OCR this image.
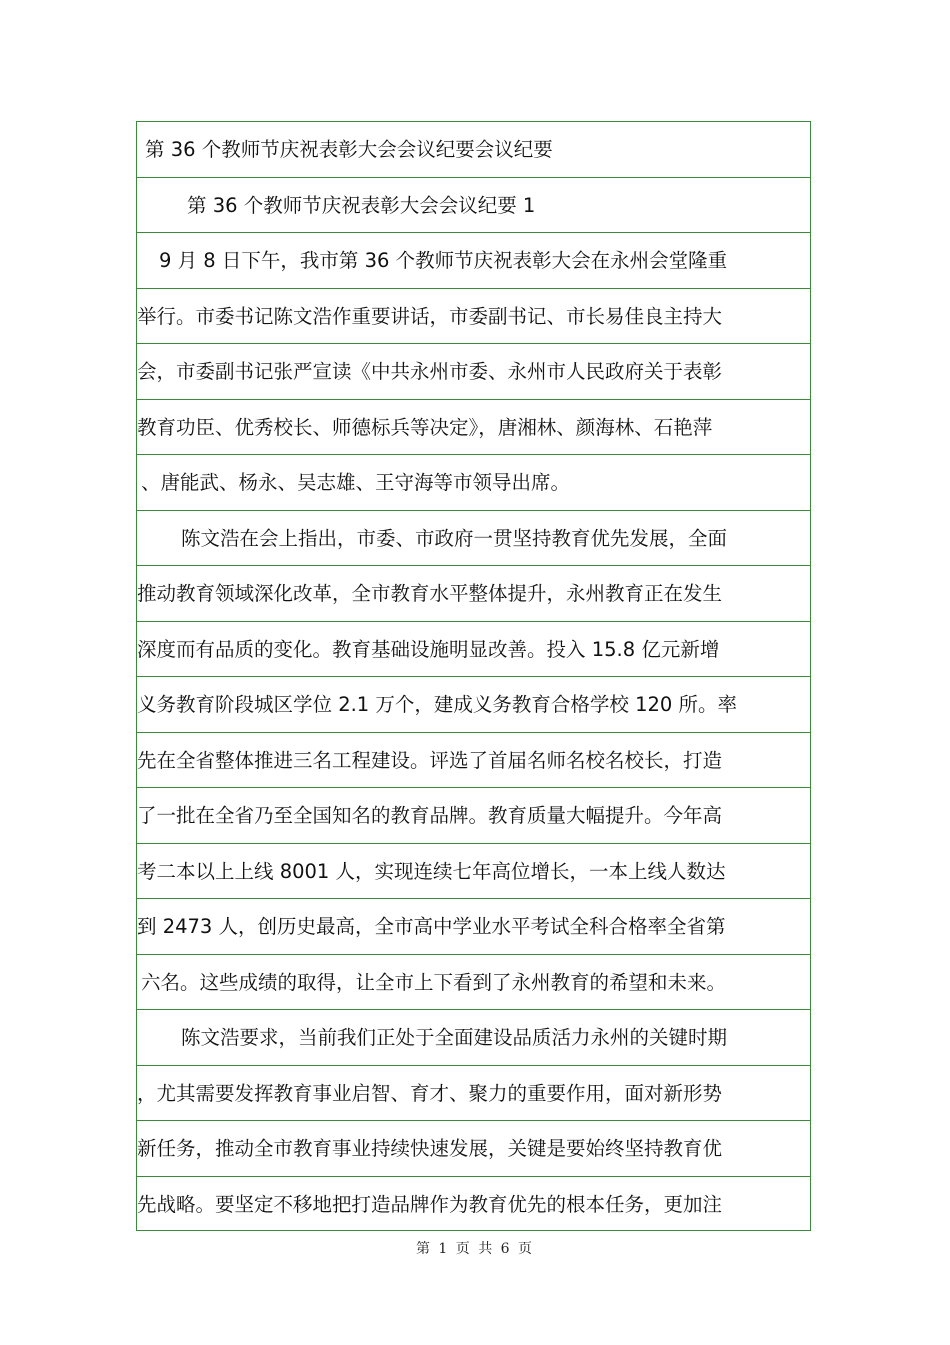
第 36 个教师节庆祝表彰大会会议纪要会议纪要
第 36 个教师节庆祝表彰大会会议纪要 1
9 月 8 日下午，我市第 36 个教师节庆祝表彰大会在永州会堂隆重
举行。市委书记陈文浩作重要讲话，市委副书记、市长易佳良主持大
会，市委副书记张严宣读《中共永州市委、永州市人民政府关于表彰
教育功臣、优秀校长、师德标兵等决定》，唐湘林、颜海林、石艳萍
、唐能武、杨永、吴志雄、王守海等市领导出席。
陈文浩在会上指出，市委、市政府一贯坚持教育优先发展，全面
推动教育领域深化改革，全市教育水平整体提升，永州教育正在发生
深度而有品质的变化。教育基础设施明显改善。投入 15.8 亿元新增
义务教育阶段城区学位 2.1 万个，建成义务教育合格学校 120 所。率
先在全省整体推进三名工程建设。评选了首届名师名校名校长，打造
了一批在全省乃至全国知名的教育品牌。教育质量大幅提升。今年高
考二本以上上线 8001 人，实现连续七年高位增长，一本上线人数达
到 2473 人，创历史最高，全市高中学业水平考试全科合格率全省第
六名。这些成绩的取得，让全市上下看到了永州教育的希望和未来。
陈文浩要求，当前我们正处于全面建设品质活力永州的关键时期
，尤其需要发挥教育事业启智、育才、聚力的重要作用，面对新形势
新任务，推动全市教育事业持续快速发展，关键是要始终坚持教育优
先战略。要坚定不移地把打造品牌作为教育优先的根本任务，更加注
第 1 页 共 6 页
